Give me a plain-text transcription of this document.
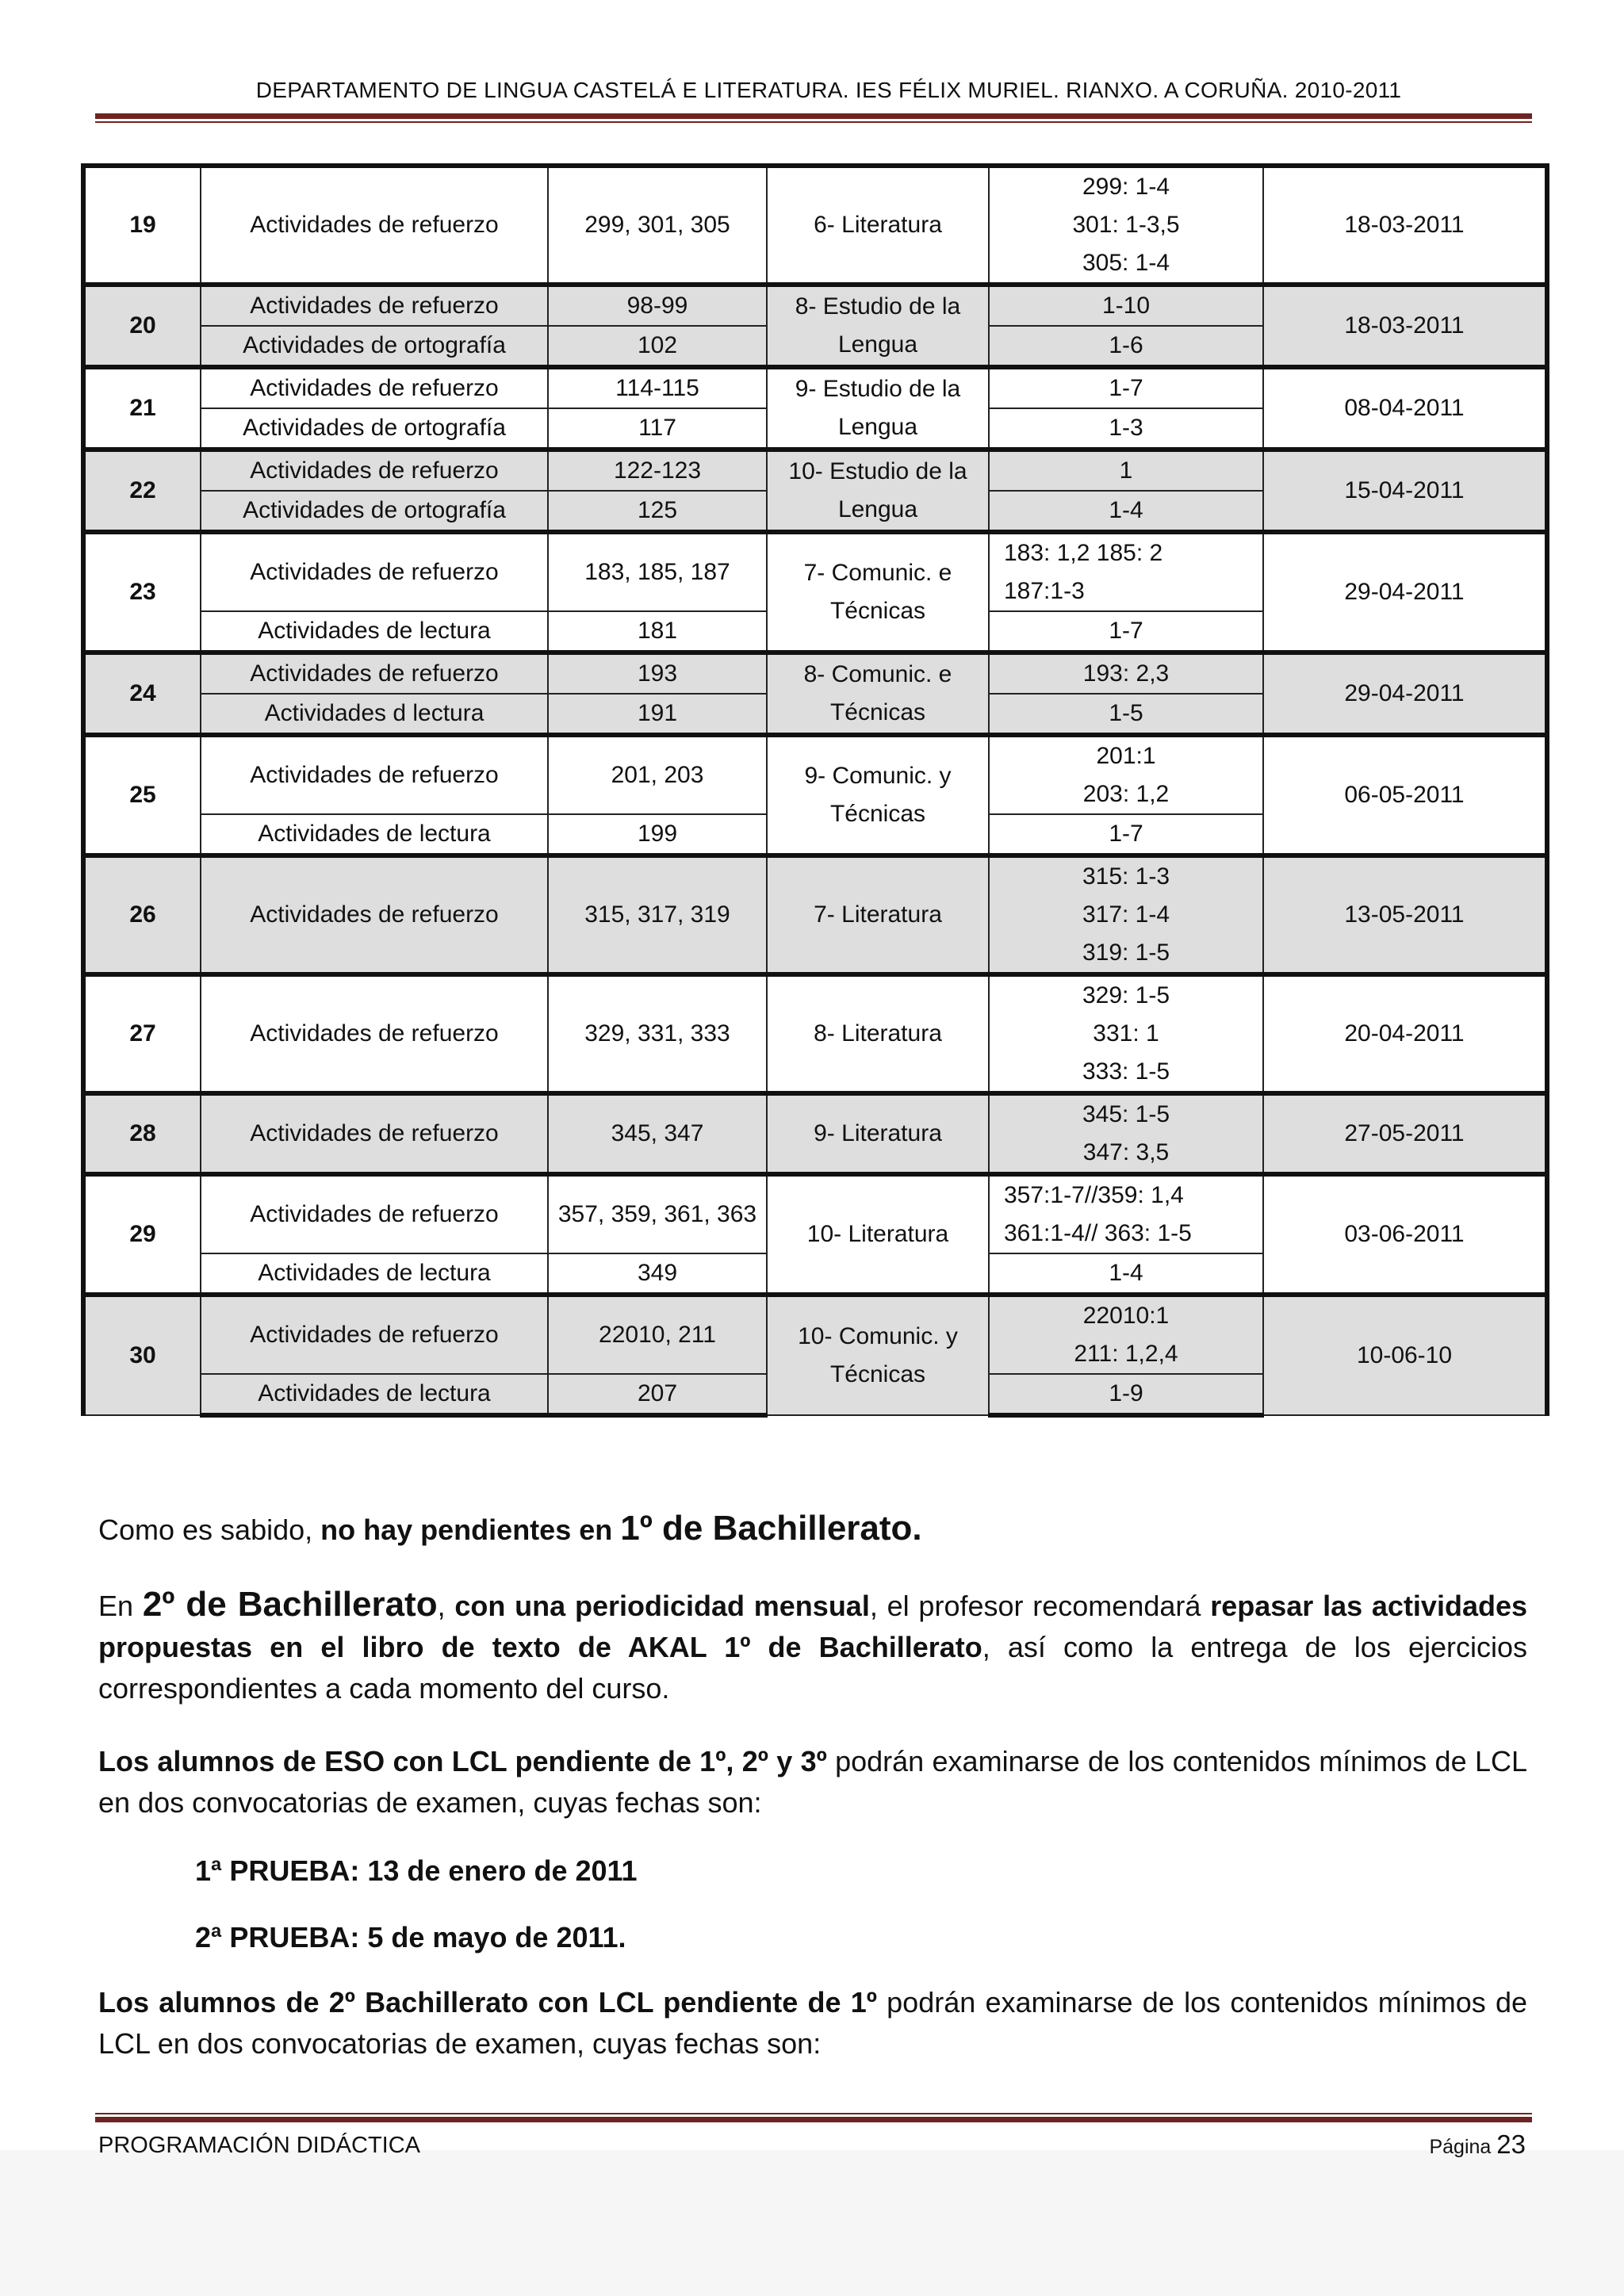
DEPARTAMENTO DE LINGUA CASTELÁ E LITERATURA. IES FÉLIX MURIEL. RIANXO. A CORUÑA. 2010-2011
19	Actividades de refuerzo	299, 301, 305	6- Literatura	299: 1-4
301: 1-3,5
305: 1-4	18-03-2011
20	Actividades de refuerzo	98-99	8- Estudio de la Lengua	1-10	18-03-2011
	Actividades de ortografía	102		1-6	

21	Actividades de refuerzo	114-115	9- Estudio de la Lengua	1-7	08-04-2011
	Actividades de ortografía	117		1-3	

22	Actividades de refuerzo	122-123	10- Estudio de la Lengua	1	15-04-2011
	Actividades de ortografía	125		1-4	

23	Actividades de refuerzo	183, 185, 187	7- Comunic. e Técnicas	183: 1,2 185: 2
187:1-3	29-04-2011
	Actividades de lectura	181		1-7	

24	Actividades de refuerzo	193	8- Comunic. e Técnicas	193: 2,3	29-04-2011
	Actividades d lectura	191		1-5	

25	Actividades de refuerzo	201, 203	9- Comunic. y Técnicas	201:1
203: 1,2	06-05-2011
	Actividades de lectura	199		1-7	

26	Actividades de refuerzo	315, 317, 319	7- Literatura	315: 1-3
317: 1-4
319: 1-5	13-05-2011
27	Actividades de refuerzo	329, 331, 333	8- Literatura	329: 1-5
331: 1
333: 1-5	20-04-2011
28	Actividades de refuerzo	345, 347	9- Literatura	345: 1-5
347: 3,5	27-05-2011
29	Actividades de refuerzo	357, 359, 361, 363	10- Literatura	357:1-7//359: 1,4
361:1-4// 363: 1-5	03-06-2011
	Actividades de lectura	349		1-4	

30	Actividades de refuerzo	22010, 211	10- Comunic. y Técnicas	22010:1
211: 1,2,4	10-06-10
	Actividades de lectura	207		1-9	
Como es sabido, no hay pendientes en 1º de Bachillerato.
En 2º de Bachillerato, con una periodicidad mensual, el profesor recomendará repasar las actividades propuestas en el libro de texto de AKAL 1º de Bachillerato, así como la entrega de los ejercicios correspondientes a cada momento del curso.
Los alumnos de ESO con LCL pendiente de 1º, 2º y 3º podrán examinarse de los contenidos mínimos de LCL en dos convocatorias de examen, cuyas fechas son:
1ª PRUEBA: 13 de enero de 2011
2ª PRUEBA: 5 de mayo de 2011.
Los alumnos de 2º Bachillerato con LCL pendiente de 1º podrán examinarse de los contenidos mínimos de LCL en dos convocatorias de examen, cuyas fechas son:
PROGRAMACIÓN DIDÁCTICA	Página 23
